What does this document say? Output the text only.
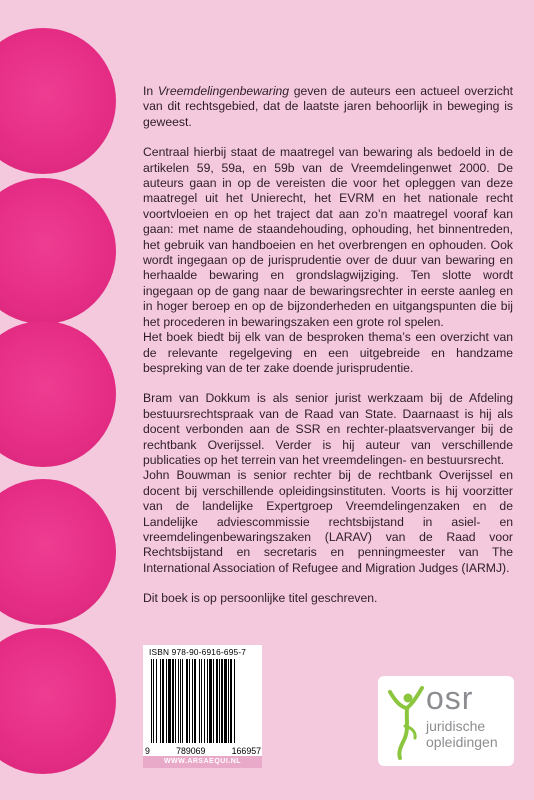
In Vreemdelingenbewaring geven de auteurs een actueel overzicht van dit rechtsgebied, dat de laatste jaren behoorlijk in beweging is geweest.

Centraal hierbij staat de maatregel van bewaring als bedoeld in de artikelen 59, 59a, en 59b van de Vreemdelingenwet 2000. De auteurs gaan in op de vereisten die voor het opleggen van deze maatregel uit het Unierecht, het EVRM en het nationale recht voortvloeien en op het traject dat aan zo’n maatregel vooraf kan gaan: met name de staandehouding, ophouding, het binnentreden, het gebruik van handboeien en het overbrengen en ophouden. Ook wordt ingegaan op de jurisprudentie over de duur van bewaring en herhaalde bewaring en grondslagwijziging. Ten slotte wordt ingegaan op de gang naar de bewaringsrechter in eerste aanleg en in hoger beroep en op de bijzonderheden en uitgangspunten die bij het procederen in bewaringszaken een grote rol spelen.

Het boek biedt bij elk van de besproken thema’s een overzicht van de relevante regelgeving en een uitgebreide en handzame bespreking van de ter zake doende jurisprudentie.

Bram van Dokkum is als senior jurist werkzaam bij de Afdeling bestuursrechtspraak van de Raad van State. Daarnaast is hij als docent verbonden aan de SSR en rechter-plaatsvervanger bij de rechtbank Overijssel. Verder is hij auteur van verschillende publicaties op het terrein van het vreemdelingen- en bestuursrecht.

John Bouwman is senior rechter bij de rechtbank Overijssel en docent bij verschillende opleidingsinstituten. Voorts is hij voorzitter van de landelijke Expertgroep Vreemdelingenzaken en de Landelijke adviescommissie rechtsbijstand in asiel- en vreemdelingenbewaringszaken (LARAV) van de Raad voor Rechtsbijstand en secretaris en penningmeester van The International Association of Refugee and Migration Judges (IARMJ).

Dit boek is op persoonlijke titel geschreven.

ISBN 978-90-6916-695-7
9	789069	166957
WWW.ARSAEQUI.NL
osr
juridische
opleidingen
